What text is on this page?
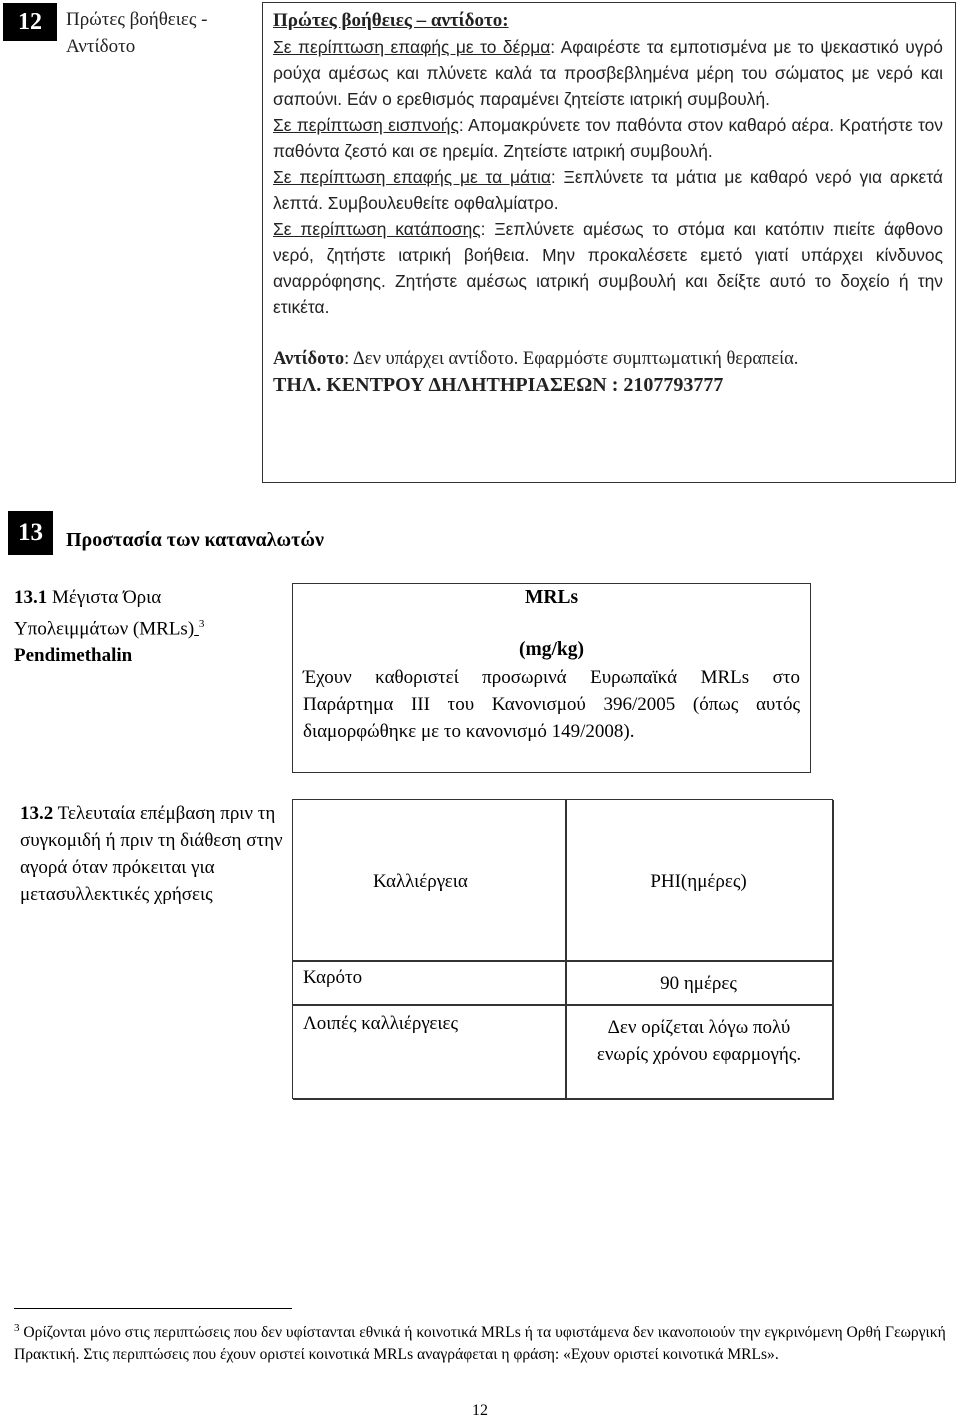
12	Πρώτες βοήθειες - Αντίδοτο

Πρώτες βοήθειες – αντίδοτο:

Σε περίπτωση επαφής με το δέρμα: Αφαιρέστε τα εμποτισμένα με το ψεκαστικό υγρό ρούχα αμέσως και πλύνετε καλά τα προσβεβλημένα μέρη του σώματος με νερό και σαπούνι. Εάν ο ερεθισμός παραμένει ζητείστε ιατρική συμβουλή.

Σε περίπτωση εισπνοής: Απομακρύνετε τον παθόντα στον καθαρό αέρα. Κρατήστε τον παθόντα ζεστό και σε ηρεμία. Ζητείστε ιατρική συμβουλή.

Σε περίπτωση επαφής με τα μάτια: Ξεπλύνετε τα μάτια με καθαρό νερό για αρκετά λεπτά. Συμβουλευθείτε οφθαλμίατρο.

Σε περίπτωση κατάποσης: Ξεπλύνετε αμέσως το στόμα και κατόπιν πιείτε άφθονο νερό, ζητήστε ιατρική βοήθεια. Μην προκαλέσετε εμετό γιατί υπάρχει κίνδυνος αναρρόφησης. Ζητήστε αμέσως ιατρική συμβουλή και δείξτε αυτό το δοχείο ή την ετικέτα.

Αντίδοτο: Δεν υπάρχει αντίδοτο. Εφαρμόστε συμπτωματική θεραπεία.

ΤΗΛ. ΚΕΝΤΡΟΥ ΔΗΛΗΤΗΡΙΑΣΕΩΝ : 2107793777

13	Προστασία των καταναλωτών
13.1 Μέγιστα Όρια Υπολειμμάτων (MRLs) $^3$
Pendimethalin
MRLs
(mg/kg)
Έχουν καθοριστεί προσωρινά Ευρωπαϊκά MRLs στο Παράρτημα ΙΙΙ του Κανονισμού 396/2005 (όπως αυτός διαμορφώθηκε με το κανονισμό 149/2008).
13.2 Τελευταία επέμβαση πριν τη συγκομιδή ή πριν τη διάθεση στην αγορά όταν πρόκειται για μετασυλλεκτικές χρήσεις
Καλλιέργεια	PHI(ημέρες)
Καρότο	90 ημέρες
Λοιπές καλλιέργειες	Δεν ορίζεται λόγω πολύ ενωρίς χρόνου εφαρμογής.
$^3$ Ορίζονται μόνο στις περιπτώσεις που δεν υφίστανται εθνικά ή κοινοτικά MRLs ή τα υφιστάμενα δεν ικανοποιούν την εγκρινόμενη Ορθή Γεωργική Πρακτική. Στις περιπτώσεις που έχουν οριστεί κοινοτικά MRLs αναγράφεται η φράση: «Εχουν οριστεί κοινοτικά MRLs».
12
